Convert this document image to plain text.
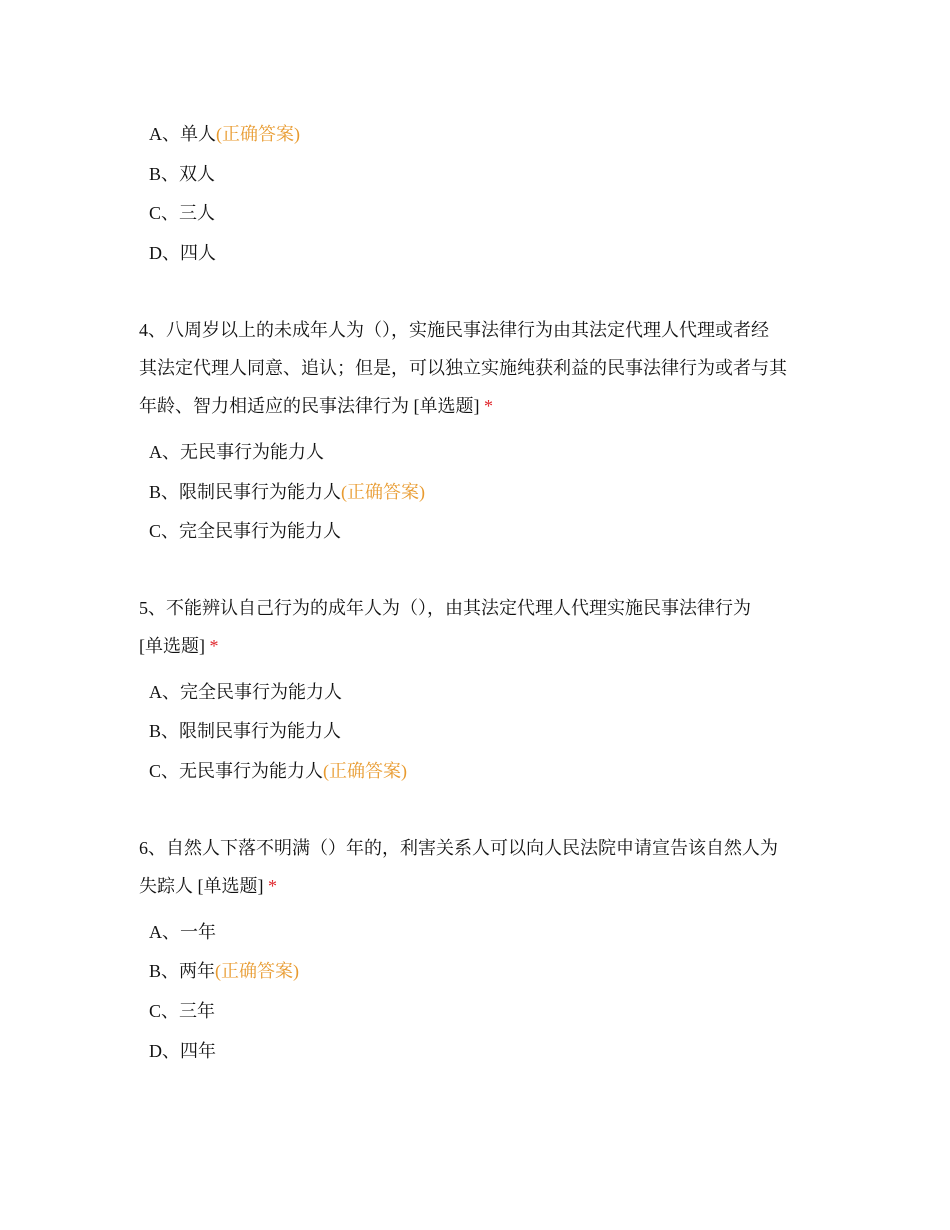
A、单人(正确答案)
B、双人
C、三人
D、四人
4、八周岁以上的未成年人为（），实施民事法律行为由其法定代理人代理或者经
其法定代理人同意、追认；但是，可以独立实施纯获利益的民事法律行为或者与其
年龄、智力相适应的民事法律行为 [单选题] *
A、无民事行为能力人
B、限制民事行为能力人(正确答案)
C、完全民事行为能力人
5、不能辨认自己行为的成年人为（），由其法定代理人代理实施民事法律行为
[单选题] *
A、完全民事行为能力人
B、限制民事行为能力人
C、无民事行为能力人(正确答案)
6、自然人下落不明满（）年的，利害关系人可以向人民法院申请宣告该自然人为
失踪人 [单选题] *
A、一年
B、两年(正确答案)
C、三年
D、四年
